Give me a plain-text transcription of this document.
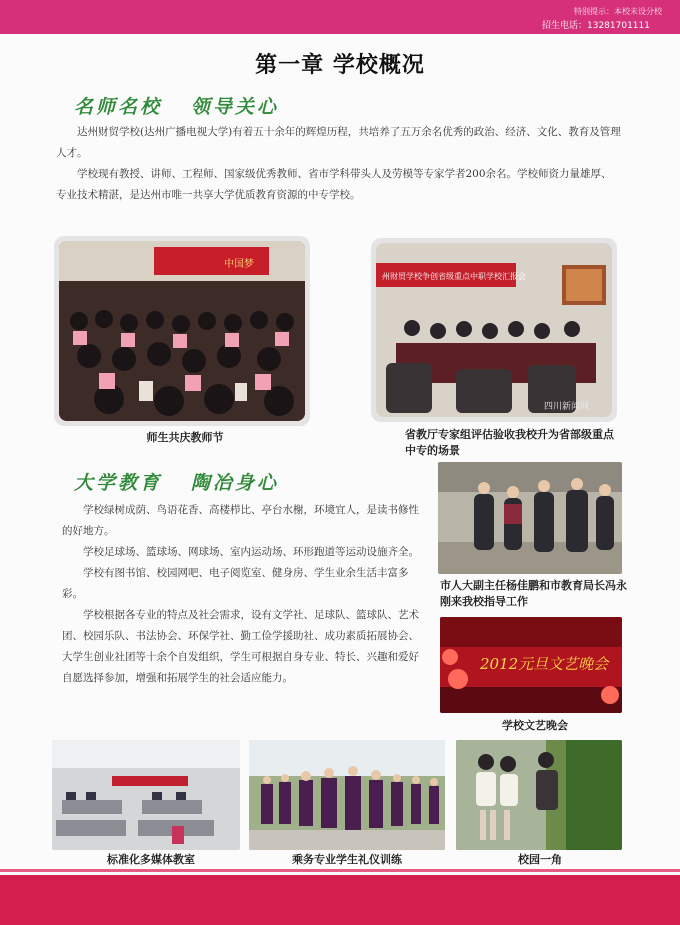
特别提示：本校未设分校
招生电话：13281701111
第一章 学校概况
名师名校   领导关心

达州财贸学校(达州广播电视大学)有着五十余年的辉煌历程，共培养了五万余名优秀的政治、经济、文化、教育及管理人才。

学校现有教授、讲师、工程师、国家级优秀教师、省市学科带头人及劳模等专家学者200余名。学校师资力量雄厚、专业技术精湛，是达州市唯一共享大学优质教育资源的中专学校。

中国梦
师生共庆教师节
州财贸学校争创省级重点中职学校汇报会
四川新闻网
省教厅专家组评估验收我校升为省部级重点中专的场景
大学教育   陶冶身心

学校绿树成荫、鸟语花香、高楼栉比、亭台水榭，环境宜人，是读书修性的好地方。

学校足球场、篮球场、网球场、室内运动场、环形跑道等运动设施齐全。

学校有图书馆、校园网吧、电子阅览室、健身房、学生业余生活丰富多彩。

学校根据各专业的特点及社会需求，设有文学社、足球队、篮球队、艺术团、校园乐队、书法协会、环保学社、勤工俭学援助社、成功素质拓展协会、大学生创业社团等十余个自发组织，学生可根据自身专业、特长、兴趣和爱好自愿选择参加，增强和拓展学生的社会适应能力。

市人大副主任杨佳鹏和市教育局长冯永刚来我校指导工作
2012元旦文艺晚会
学校文艺晚会
标准化多媒体教室	乘务专业学生礼仪训练	校园一角
